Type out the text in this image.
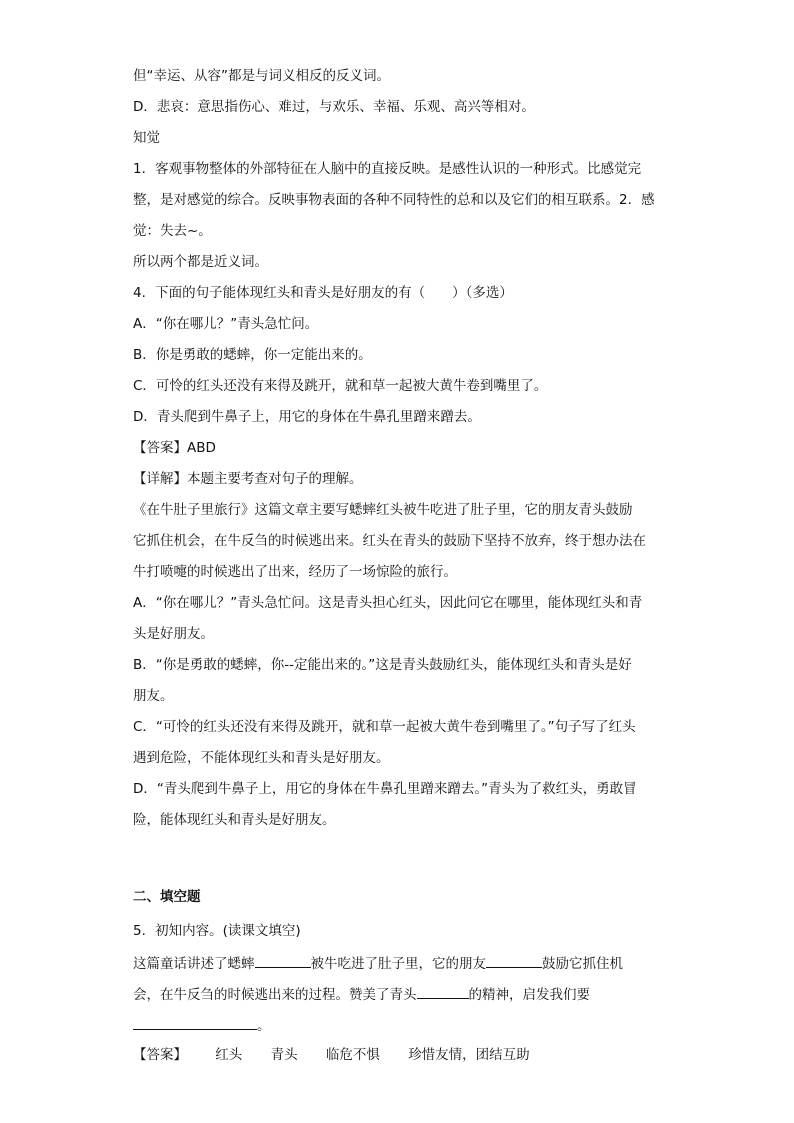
但“幸运、从容”都是与词义相反的反义词。
D．悲哀：意思指伤心、难过，与欢乐、幸福、乐观、高兴等相对。
知觉
1．客观事物整体的外部特征在人脑中的直接反映。是感性认识的一种形式。比感觉完
整，是对感觉的综合。反映事物表面的各种不同特性的总和以及它们的相互联系。2．感
觉：失去~。
所以两个都是近义词。
4．下面的句子能体现红头和青头是好朋友的有（　　）（多选）
A．“你在哪儿？”青头急忙问。
B．你是勇敢的蟋蟀，你一定能出来的。
C．可怜的红头还没有来得及跳开，就和草一起被大黄牛卷到嘴里了。
D．青头爬到牛鼻子上，用它的身体在牛鼻孔里蹭来蹭去。
【答案】ABD
【详解】本题主要考查对句子的理解。
《在牛肚子里旅行》这篇文章主要写蟋蟀红头被牛吃进了肚子里，它的朋友青头鼓励
它抓住机会，在牛反刍的时候逃出来。红头在青头的鼓励下坚持不放弃，终于想办法在
牛打喷嚏的时候逃出了出来，经历了一场惊险的旅行。
A．“你在哪儿？”青头急忙问。这是青头担心红头，因此问它在哪里，能体现红头和青
头是好朋友。
B．“你是勇敢的蟋蟀，你--定能出来的。”这是青头鼓励红头，能体现红头和青头是好
朋友。
C．“可怜的红头还没有来得及跳开，就和草一起被大黄牛卷到嘴里了。”句子写了红头
遇到危险，不能体现红头和青头是好朋友。
D．“青头爬到牛鼻子上，用它的身体在牛鼻孔里蹭来蹭去。”青头为了救红头，勇敢冒
险，能体现红头和青头是好朋友。
二、填空题
5．初知内容。(读课文填空)
这篇童话讲述了蟋蟀	被牛吃进了肚子里，它的朋友	鼓励它抓住机
会，在牛反刍的时候逃出来的过程。赞美了青头	的精神，启发我们要
。
【答案】 红头 青头 临危不惧 珍惜友情，团结互助
